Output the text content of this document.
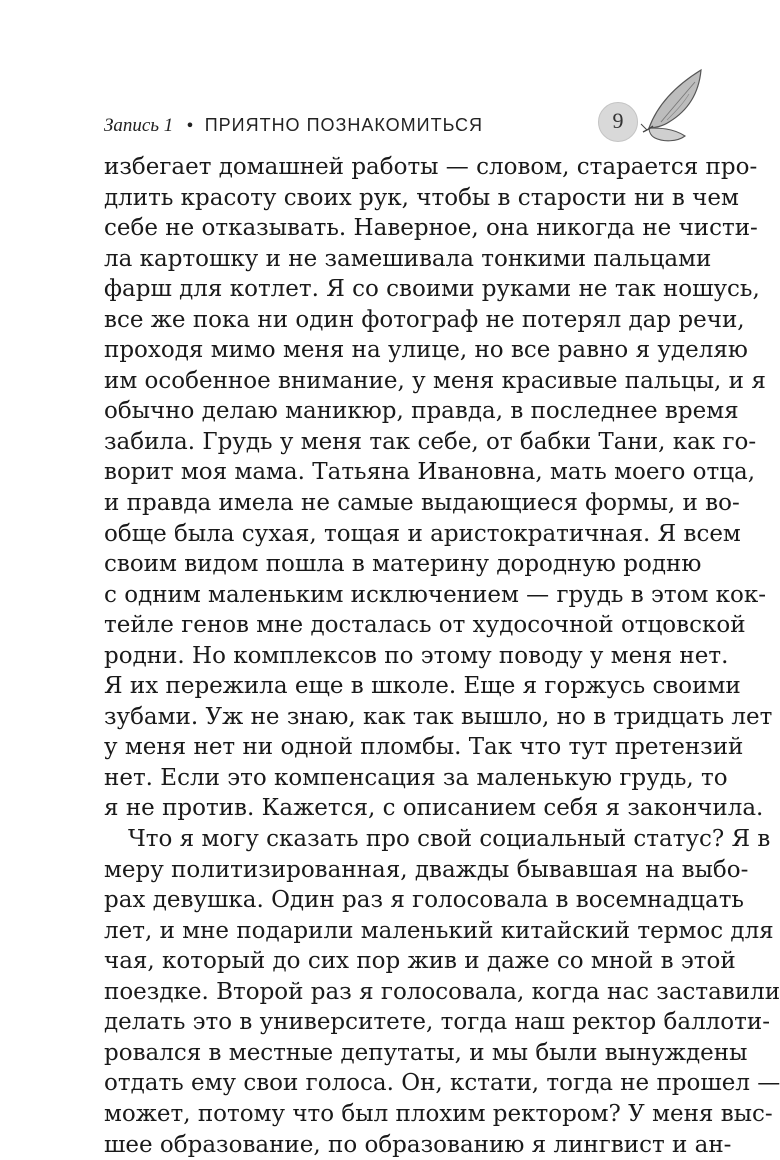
Запись 1 • ПРИЯТНО ПОЗНАКОМИТЬСЯ	9
избегает домашней работы — словом, старается про-
длить красоту своих рук, чтобы в старости ни в чем
себе не отказывать. Наверное, она никогда не чисти-
ла картошку и не замешивала тонкими пальцами
фарш для котлет. Я со своими руками не так ношусь,
все же пока ни один фотограф не потерял дар речи,
проходя мимо меня на улице, но все равно я уделяю
им особенное внимание, у меня красивые пальцы, и я
обычно делаю маникюр, правда, в последнее время
забила. Грудь у меня так себе, от бабки Тани, как го-
ворит моя мама. Татьяна Ивановна, мать моего отца,
и правда имела не самые выдающиеся формы, и во-
обще была сухая, тощая и аристократичная. Я всем
своим видом пошла в материну дородную родню
с одним маленьким исключением — грудь в этом кок-
тейле генов мне досталась от худосочной отцовской
родни. Но комплексов по этому поводу у меня нет.
Я их пережила еще в школе. Еще я горжусь своими
зубами. Уж не знаю, как так вышло, но в тридцать лет
у меня нет ни одной пломбы. Так что тут претензий
нет. Если это компенсация за маленькую грудь, то
я не против. Кажется, с описанием себя я закончила.
Что я могу сказать про свой социальный статус? Я в
меру политизированная, дважды бывавшая на выбо-
рах девушка. Один раз я голосовала в восемнадцать
лет, и мне подарили маленький китайский термос для
чая, который до сих пор жив и даже со мной в этой
поездке. Второй раз я голосовала, когда нас заставили
делать это в университете, тогда наш ректор баллоти-
ровался в местные депутаты, и мы были вынуждены
отдать ему свои голоса. Он, кстати, тогда не прошел —
может, потому что был плохим ректором? У меня выс-
шее образование, по образованию я лингвист и ан-
